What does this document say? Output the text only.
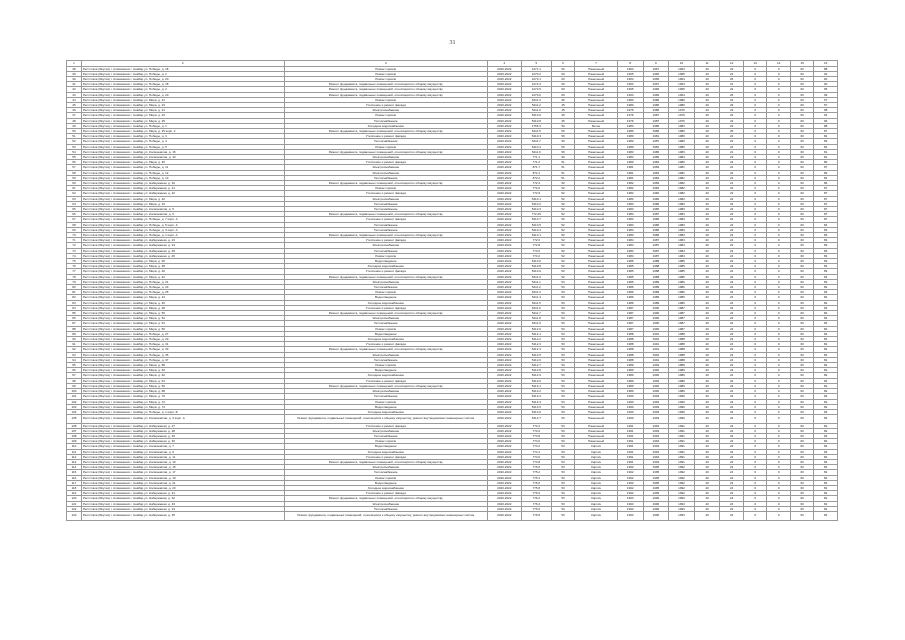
31
1	2	3	4	5	6	7	8	9	10	11	12	13	14	15	16
38	Респ Саха (Якутия) г. Алмазнинск г. Анабар ул. Победы, д. 18	Ремонт кровли	2020-2022	1271.1	60	Панельный	1964	1967	1964	40	23	0	0	60	88
39	Респ Саха (Якутия) г. Алмазнинск г. Анабар ул. Победы, д. 2	Ремонт кровли	2020-2022	1270.2	60	Панельный	1965	1966	1965	40	22	0	0	60	92
40	Респ Саха (Якутия) г. Алмазнинск г. Анабар ул. Победы, д. 20	Ремонт кровли	2020-2022	1273.1	60	Панельный	1964	1966	1964	40	26	0	0	60	90
41	Респ Саха (Якутия) г. Алмазнинск г. Анабар ул. Победы, д. 18	Ремонт фундамента, подвальных помещений, относящихся к общему имуществу	2020-2022	1272.3	60	Панельный	1964	1967	1964	40	21	0	0	60	90
42	Респ Саха (Якутия) г. Алмазнинск г. Анабар ул. Победы, д. 2	Ремонт фундамента, подвальных помещений, относящихся к общему имуществу	2020-2022	1272.5	60	Панельный	1965	1966	1965	40	22	0	0	60	95
43	Респ Саха (Якутия) г. Алмазнинск г. Анабар ул. Победы, д. 20	Ремонт фундамента, подвальных помещений, относящихся к общему имуществу	2020-2022	1270.0	60	Панельный	1964	1966	1964	40	26	0	0	60	99
44	Респ Саха (Якутия) г. Алмазнинск г. Анабар ул. Мира, д. 21	Ремонт кровли	2020-2022	5411.3	45	Панельный	1980	1986	1980	40	23	0	0	60	57
45	Респ Саха (Якутия) г. Алмазнинск г. Анабар ул. Мира, д. 23	Утепление и ремонт фасада	2020-2022	5411.2	45	Панельный	1980	1986	1980	40	26	0	0	60	57
46	Респ Саха (Якутия) г. Алмазнинск г. Анабар ул. Мира, д. 21	Электроснабжение	2020-2022	5411.0	45	Панельный	1976	1986	1976	40	23	0	0	60	98
47	Респ Саха (Якутия) г. Алмазнинск г. Анабар ул. Мира, д. 23	Ремонт кровли	2020-2022	5410.9	45	Панельный	1976	1987	1976	40	22	0	0	60	94
48	Респ Саха (Якутия) г. Алмазнинск г. Анабар ул. Мира, д. 25	Теплоснабжение	2020-2022	5410.8	45	Панельный	1976	1987	1976	40	22	0	0	60	96
49	Респ Саха (Якутия) г. Алмазнинск г. Анабар ул. Победы, д. 1	Холодное водоснабжение	2020-2022	1755.3	50	Бетон	1983	1986	1983	40	24	0	0	60	88
50	Респ Саха (Якутия) г. Алмазнинск г. Анабар ул. Мира, д. 25 корп. 2	Ремонт фундамента, подвальных помещений, относящихся к общему имуществу	2020-2022	5411.5	50	Панельный	1980	1986	1980	40	25	0	0	60	87
51	Респ Саха (Якутия) г. Алмазнинск г. Анабар ул. Победы, д. 3	Утепление и ремонт фасада	2020-2022	5410.3	50	Панельный	1980	1981	1980	40	24	0	0	60	82
52	Респ Саха (Якутия) г. Алмазнинск г. Анабар ул. Победы, д. 4	Теплоснабжение	2020-2022	5411.7	50	Панельный	1980	1987	1980	40	24	0	0	60	83
53	Респ Саха (Якутия) г. Алмазнинск г. Анабар ул. Победы, д. 5	Ремонт кровли	2020-2022	5410.4	50	Панельный	1980	1981	1980	40	24	0	0	60	82
54	Респ Саха (Якутия) г. Алмазнинск г. Анабар ул. Космонавтов, д. 15	Ремонт фундамента, подвальных помещений, относящихся к общему имуществу	2020-2022	5411.6	50	Панельный	1983	1986	1983	40	21	0	0	60	81
55	Респ Саха (Якутия) г. Алмазнинск г. Анабар ул. Космонавтов, д. 43	Электроснабжение	2020-2022	771.1	50	Панельный	1984	1986	1984	40	23	0	0	60	81
56	Респ Саха (Якутия) г. Алмазнинск г. Анабар ул. Мира, д. 30	Утепление и ремонт фасада	2020-2022	771.2	51	Панельный	1980	1984	1980	40	24	0	0	60	80
57	Респ Саха (Якутия) г. Алмазнинск г. Анабар ул. Победы, д. 11	Электроснабжение	2020-2022	871.7	51	Панельный	1981	1984	1981	40	24	0	0	60	87
58	Респ Саха (Якутия) г. Алмазнинск г. Анабар ул. Победы, д. 12	Электроснабжение	2020-2022	872.1	51	Панельный	1981	1984	1981	40	24	0	0	60	89
59	Респ Саха (Якутия) г. Алмазнинск г. Анабар ул. Победы, д. 13	Теплоснабжение	2020-2022	872.2	51	Панельный	1981	1984	1981	40	24	0	0	60	84
60	Респ Саха (Якутия) г. Алмазнинск г. Анабар ул. Набережная, д. 20	Ремонт фундамента, подвальных помещений, относящихся к общему имуществу	2020-2022	772.4	52	Панельный	1982	1984	1982	40	21	0	0	60	86
61	Респ Саха (Якутия) г. Алмазнинск г. Анабар ул. Набережная, д. 21	Ремонт кровли	2020-2022	772.6	52	Панельный	1982	1984	1982	40	22	0	0	60	87
62	Респ Саха (Якутия) г. Алмазнинск г. Анабар ул. Набережная, д. 22	Утепление и ремонт фасада	2020-2022	772.9	52	Панельный	1982	1984	1982	40	22	0	0	60	87
63	Респ Саха (Якутия) г. Алмазнинск г. Анабар ул. Мира, д. 32	Электроснабжение	2020-2022	5410.1	52	Панельный	1983	1986	1983	40	24	0	0	60	87
64	Респ Саха (Якутия) г. Алмазнинск г. Анабар ул. Мира, д. 34	Теплоснабжение	2020-2022	5410.2	52	Панельный	1983	1986	1983	40	24	0	0	60	87
65	Респ Саха (Якутия) г. Алмазнинск г. Анабар ул. Космонавтов, д. 5	Теплоснабжение	2020-2022	5410.3	52	Панельный	1983	1986	1983	40	24	0	0	60	87
66	Респ Саха (Якутия) г. Алмазнинск г. Анабар ул. Космонавтов, д. 6	Ремонт фундамента, подвальных помещений, относящихся к общему имуществу	2020-2022	772.25	52	Панельный	1984	1987	1984	40	24	0	0	60	87
67	Респ Саха (Якутия) г. Алмазнинск г. Анабар ул. Победы, д. 7 корп. А	Утепление и ремонт фасада	2020-2022	5410.7	52	Панельный	1983	1986	1983	40	24	0	0	60	87
68	Респ Саха (Якутия) г. Алмазнинск г. Анабар ул. Победы, д. 5 корп. А	Теплоснабжение	2020-2022	5410.5	52	Панельный	1983	1986	1983	40	24	0	0	60	84
69	Респ Саха (Якутия) г. Алмазнинск г. Анабар ул. Победы, д. 3 корп. А	Теплоснабжение	2020-2022	5410.3	52	Панельный	1983	1986	1983	40	24	0	0	60	83
70	Респ Саха (Якутия) г. Алмазнинск г. Анабар ул. Победы, д. 1 корп. А	Ремонт фундамента, подвальных помещений, относящихся к общему имуществу	2020-2022	5410.1	52	Панельный	1983	1986	1983	40	24	0	0	60	83
71	Респ Саха (Якутия) г. Алмазнинск г. Анабар ул. Набережная, д. 23	Утепление и ремонт фасада	2020-2022	772.6	52	Панельный	1984	1987	1984	40	24	0	0	60	83
72	Респ Саха (Якутия) г. Алмазнинск г. Анабар ул. Набережная, д. 24	Электроснабжение	2020-2022	772.8	52	Панельный	1984	1987	1984	40	24	0	0	60	83
73	Респ Саха (Якутия) г. Алмазнинск г. Анабар ул. Набережная, д. 25	Теплоснабжение	2020-2022	773.0	52	Панельный	1984	1987	1984	40	24	0	0	60	83
74	Респ Саха (Якутия) г. Алмазнинск г. Анабар ул. Набережная, д. 26	Ремонт кровли	2020-2022	773.2	52	Панельный	1984	1987	1984	40	24	0	0	60	83
75	Респ Саха (Якутия) г. Алмазнинск г. Анабар ул. Мира, д. 36	Водоотведение	2020-2022	5410.6	52	Панельный	1985	1988	1985	40	24	0	0	60	83
76	Респ Саха (Якутия) г. Алмазнинск г. Анабар ул. Мира, д. 38	Холодное водоснабжение	2020-2022	5410.8	52	Панельный	1985	1988	1985	40	24	0	0	60	83
77	Респ Саха (Якутия) г. Алмазнинск г. Анабар ул. Мира, д. 40	Утепление и ремонт фасада	2020-2022	5410.9	52	Панельный	1985	1988	1985	40	24	0	0	60	83
78	Респ Саха (Якутия) г. Алмазнинск г. Анабар ул. Мира, д. 42	Ремонт фундамента, подвальных помещений, относящихся к общему имуществу	2020-2022	5411.0	52	Панельный	1985	1988	1985	40	24	0	0	60	83
79	Респ Саха (Якутия) г. Алмазнинск г. Анабар ул. Победы, д. 21	Электроснабжение	2020-2022	5411.1	53	Панельный	1986	1989	1986	40	24	0	0	60	83
80	Респ Саха (Якутия) г. Алмазнинск г. Анабар ул. Победы, д. 23	Теплоснабжение	2020-2022	5411.2	53	Панельный	1986	1989	1986	40	24	0	0	60	82
81	Респ Саха (Якутия) г. Алмазнинск г. Анабар ул. Победы, д. 25	Ремонт кровли	2020-2022	5411.3	53	Панельный	1986	1989	1986	40	24	0	0	60	82
82	Респ Саха (Якутия) г. Алмазнинск г. Анабар ул. Мира, д. 44	Водоотведение	2020-2022	5411.4	53	Панельный	1986	1989	1986	40	24	0	0	60	82
83	Респ Саха (Якутия) г. Алмазнинск г. Анабар ул. Мира, д. 46	Холодное водоснабжение	2020-2022	5411.5	53	Панельный	1986	1989	1986	40	24	0	0	60	82
84	Респ Саха (Якутия) г. Алмазнинск г. Анабар ул. Мира, д. 48	Утепление и ремонт фасада	2020-2022	5411.6	53	Панельный	1987	1990	1987	40	24	0	0	60	82
85	Респ Саха (Якутия) г. Алмазнинск г. Анабар ул. Мира, д. 50	Ремонт фундамента, подвальных помещений, относящихся к общему имуществу	2020-2022	5411.7	53	Панельный	1987	1990	1987	40	24	0	0	60	82
86	Респ Саха (Якутия) г. Алмазнинск г. Анабар ул. Мира, д. 52	Электроснабжение	2020-2022	5411.8	53	Панельный	1987	1990	1987	40	24	0	0	60	82
87	Респ Саха (Якутия) г. Алмазнинск г. Анабар ул. Мира, д. 54	Теплоснабжение	2020-2022	5411.9	53	Панельный	1987	1990	1987	40	24	0	0	60	82
88	Респ Саха (Якутия) г. Алмазнинск г. Анабар ул. Мира, д. 56	Ремонт кровли	2020-2022	5412.0	53	Панельный	1987	1990	1987	40	24	0	0	60	82
89	Респ Саха (Якутия) г. Алмазнинск г. Анабар ул. Победы, д. 27	Водоотведение	2020-2022	5412.1	53	Панельный	1988	1991	1988	40	24	0	0	60	82
90	Респ Саха (Якутия) г. Алмазнинск г. Анабар ул. Победы, д. 29	Холодное водоснабжение	2020-2022	5412.2	53	Панельный	1988	1991	1988	40	24	0	0	60	82
91	Респ Саха (Якутия) г. Алмазнинск г. Анабар ул. Победы, д. 31	Утепление и ремонт фасада	2020-2022	5412.3	53	Панельный	1988	1991	1988	40	24	0	0	60	82
92	Респ Саха (Якутия) г. Алмазнинск г. Анабар ул. Победы, д. 33	Ремонт фундамента, подвальных помещений, относящихся к общему имуществу	2020-2022	5412.4	53	Панельный	1988	1991	1988	40	24	0	0	60	82
93	Респ Саха (Якутия) г. Алмазнинск г. Анабар ул. Победы, д. 35	Электроснабжение	2020-2022	5412.5	53	Панельный	1988	1991	1988	40	24	0	0	60	82
94	Респ Саха (Якутия) г. Алмазнинск г. Анабар ул. Победы, д. 37	Теплоснабжение	2020-2022	5412.6	53	Панельный	1988	1991	1988	40	24	0	0	60	82
95	Респ Саха (Якутия) г. Алмазнинск г. Анабар ул. Мира, д. 58	Ремонт кровли	2020-2022	5412.7	53	Панельный	1989	1992	1989	40	24	0	0	60	82
96	Респ Саха (Якутия) г. Алмазнинск г. Анабар ул. Мира, д. 60	Водоотведение	2020-2022	5412.8	53	Панельный	1989	1992	1989	40	24	0	0	60	82
97	Респ Саха (Якутия) г. Алмазнинск г. Анабар ул. Мира, д. 62	Холодное водоснабжение	2020-2022	5412.9	53	Панельный	1989	1992	1989	40	24	0	0	60	82
98	Респ Саха (Якутия) г. Алмазнинск г. Анабар ул. Мира, д. 64	Утепление и ремонт фасада	2020-2022	5413.0	53	Панельный	1989	1992	1989	40	24	0	0	60	82
99	Респ Саха (Якутия) г. Алмазнинск г. Анабар ул. Мира, д. 66	Ремонт фундамента, подвальных помещений, относящихся к общему имуществу	2020-2022	5413.1	53	Панельный	1989	1992	1989	40	24	0	0	60	82
100	Респ Саха (Якутия) г. Алмазнинск г. Анабар ул. Мира, д. 68	Электроснабжение	2020-2022	5413.2	53	Панельный	1989	1992	1989	40	24	0	0	60	82
101	Респ Саха (Якутия) г. Алмазнинск г. Анабар ул. Мира, д. 70	Теплоснабжение	2020-2022	5413.3	53	Панельный	1990	1993	1990	40	24	0	0	60	82
102	Респ Саха (Якутия) г. Алмазнинск г. Анабар ул. Мира, д. 72	Ремонт кровли	2020-2022	5413.4	53	Панельный	1990	1993	1990	40	24	0	0	60	82
103	Респ Саха (Якутия) г. Алмазнинск г. Анабар ул. Мира, д. 74	Водоотведение	2020-2022	5413.5	53	Панельный	1990	1993	1990	40	24	0	0	60	82
104	Респ Саха (Якутия) г. Алмазнинск г. Анабар ул. Победы, д. 1 корп. Б	Холодное водоснабжение	2020-2022	5413.6	53	Панельный	1990	1993	1990	40	24	0	0	60	82
105	Респ Саха (Якутия) г. Алмазнинск г. Анабар ул. Космонавтов, д. 3 корп. А	Ремонт фундамента, подвальных помещений, относящихся к общему имуществу, ремонт внутридомовых инженерных систем	2020-2022	5413.7	53	Панельный	1990	1993	1990	40	24	0	0	60	82
106	Респ Саха (Якутия) г. Алмазнинск г. Анабар ул. Набережная, д. 27	Утепление и ремонт фасада	2020-2022	773.4	53	Панельный	1991	1994	1991	40	24	0	0	60	82
107	Респ Саха (Якутия) г. Алмазнинск г. Анабар ул. Набережная, д. 28	Электроснабжение	2020-2022	773.6	53	Панельный	1991	1994	1991	40	24	0	0	60	82
108	Респ Саха (Якутия) г. Алмазнинск г. Анабар ул. Набережная, д. 29	Теплоснабжение	2020-2022	773.8	53	Панельный	1991	1994	1991	40	24	0	0	60	82
109	Респ Саха (Якутия) г. Алмазнинск г. Анабар ул. Набережная, д. 30	Ремонт кровли	2020-2022	774.0	53	Панельный	1991	1994	1991	40	24	0	0	60	82
110	Респ Саха (Якутия) г. Алмазнинск г. Анабар ул. Космонавтов, д. 7	Водоотведение	2020-2022	774.2	53	Кирпич	1991	1994	1991	40	24	0	0	60	82
111	Респ Саха (Якутия) г. Алмазнинск г. Анабар ул. Космонавтов, д. 9	Холодное водоснабжение	2020-2022	774.4	53	Кирпич	1991	1994	1991	40	24	0	0	60	82
112	Респ Саха (Якутия) г. Алмазнинск г. Анабар ул. Космонавтов, д. 11	Утепление и ремонт фасада	2020-2022	774.6	53	Кирпич	1991	1994	1991	40	24	0	0	60	82
113	Респ Саха (Якутия) г. Алмазнинск г. Анабар ул. Космонавтов, д. 13	Ремонт фундамента, подвальных помещений, относящихся к общему имуществу	2020-2022	774.8	53	Кирпич	1991	1994	1991	40	24	0	0	60	82
114	Респ Саха (Якутия) г. Алмазнинск г. Анабар ул. Космонавтов, д. 15	Электроснабжение	2020-2022	775.0	53	Кирпич	1992	1995	1992	40	24	0	0	60	82
115	Респ Саха (Якутия) г. Алмазнинск г. Анабар ул. Космонавтов, д. 17	Теплоснабжение	2020-2022	775.2	53	Кирпич	1992	1995	1992	40	24	0	0	60	82
116	Респ Саха (Якутия) г. Алмазнинск г. Анабар ул. Космонавтов, д. 19	Ремонт кровли	2020-2022	775.4	53	Кирпич	1992	1995	1992	40	24	0	0	60	82
117	Респ Саха (Якутия) г. Алмазнинск г. Анабар ул. Космонавтов, д. 21	Водоотведение	2020-2022	775.6	53	Кирпич	1992	1995	1992	40	24	0	0	60	82
118	Респ Саха (Якутия) г. Алмазнинск г. Анабар ул. Космонавтов, д. 23	Холодное водоснабжение	2020-2022	775.8	53	Кирпич	1992	1995	1992	40	24	0	0	60	82
119	Респ Саха (Якутия) г. Алмазнинск г. Анабар ул. Набережная, д. 31	Утепление и ремонт фасада	2020-2022	776.0	53	Кирпич	1992	1995	1992	40	24	0	0	60	82
120	Респ Саха (Якутия) г. Алмазнинск г. Анабар ул. Набережная, д. 32	Ремонт фундамента, подвальных помещений, относящихся к общему имуществу	2020-2022	776.2	53	Кирпич	1993	1996	1993	40	24	0	0	60	82
121	Респ Саха (Якутия) г. Алмазнинск г. Анабар ул. Набережная, д. 33	Электроснабжение	2020-2022	776.4	53	Кирпич	1993	1996	1993	40	24	0	0	60	82
122	Респ Саха (Якутия) г. Алмазнинск г. Анабар ул. Набережная, д. 34	Теплоснабжение	2020-2022	776.6	53	Кирпич	1993	1996	1993	40	24	0	0	60	82
123	Респ Саха (Якутия) г. Алмазнинск г. Анабар ул. Набережная, д. 35	Ремонт фундамента, подвальных помещений, относящихся к общему имуществу, ремонт внутридомовых инженерных систем	2020-2022	776.8	53	Кирпич	1993	1996	1993	40	24	0	0	60	82
